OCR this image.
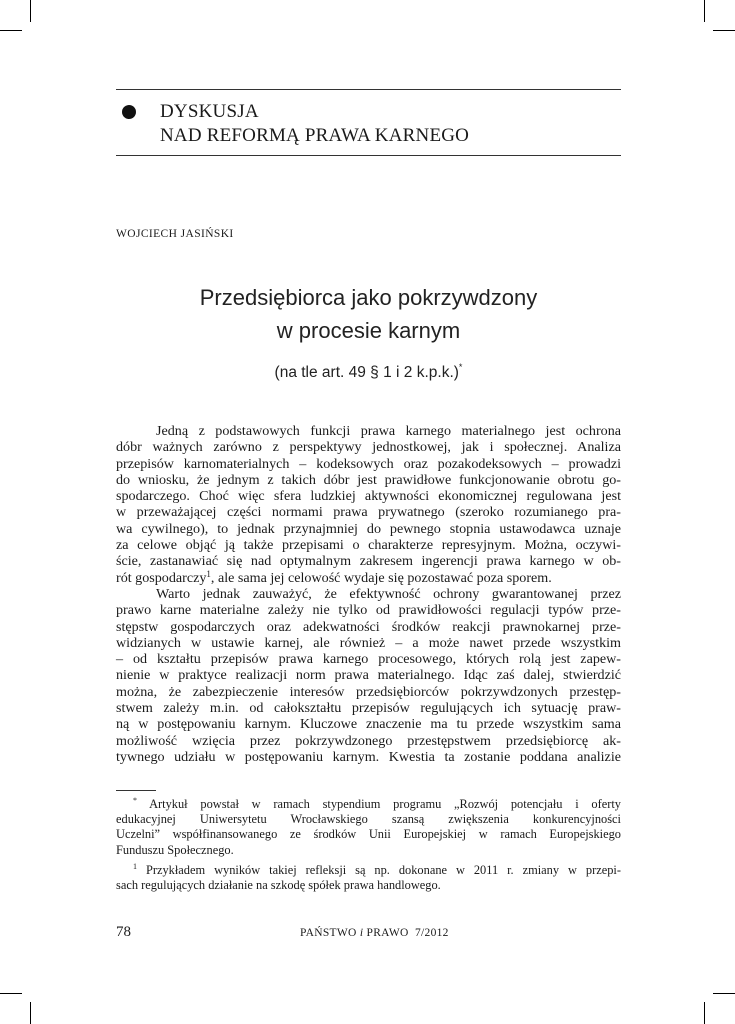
DYSKUSJA
NAD REFORMĄ PRAWA KARNEGO
WOJCIECH JASIŃSKI
Przedsiębiorca jako pokrzywdzony
w procesie karnym
(na tle art. 49 § 1 i 2 k.p.k.)*
Jedną z podstawowych funkcji prawa karnego materialnego jest ochrona
dóbr ważnych zarówno z perspektywy jednostkowej, jak i społecznej. Analiza
przepisów karnomaterialnych – kodeksowych oraz pozakodeksowych – prowadzi
do wniosku, że jednym z takich dóbr jest prawidłowe funkcjonowanie obrotu go-
spodarczego. Choć więc sfera ludzkiej aktywności ekonomicznej regulowana jest
w przeważającej części normami prawa prywatnego (szeroko rozumianego pra-
wa cywilnego), to jednak przynajmniej do pewnego stopnia ustawodawca uznaje
za celowe objąć ją także przepisami o charakterze represyjnym. Można, oczywi-
ście, zastanawiać się nad optymalnym zakresem ingerencji prawa karnego w ob-
rót gospodarczy$^1$, ale sama jej celowość wydaje się pozostawać poza sporem.
Warto jednak zauważyć, że efektywność ochrony gwarantowanej przez
prawo karne materialne zależy nie tylko od prawidłowości regulacji typów prze-
stępstw gospodarczych oraz adekwatności środków reakcji prawnokarnej prze-
widzianych w ustawie karnej, ale również – a może nawet przede wszystkim
– od kształtu przepisów prawa karnego procesowego, których rolą jest zapew-
nienie w praktyce realizacji norm prawa materialnego. Idąc zaś dalej, stwierdzić
można, że zabezpieczenie interesów przedsiębiorców pokrzywdzonych przestęp-
stwem zależy m.in. od całokształtu przepisów regulujących ich sytuację praw-
ną w postępowaniu karnym. Kluczowe znaczenie ma tu przede wszystkim sama
możliwość wzięcia przez pokrzywdzonego przestępstwem przedsiębiorcę ak-
tywnego udziału w postępowaniu karnym. Kwestia ta zostanie poddana analizie
* Artykuł powstał w ramach stypendium programu „Rozwój potencjału i oferty
edukacyjnej Uniwersytetu Wrocławskiego szansą zwiększenia konkurencyjności
Uczelni” współfinansowanego ze środków Unii Europejskiej w ramach Europejskiego
Funduszu Społecznego.
$^1$ Przykładem wyników takiej refleksji są np. dokonane w 2011 r. zmiany w przepi-
sach regulujących działanie na szkodę spółek prawa handlowego.
78	PAŃSTWO i PRAWO 7/2012
